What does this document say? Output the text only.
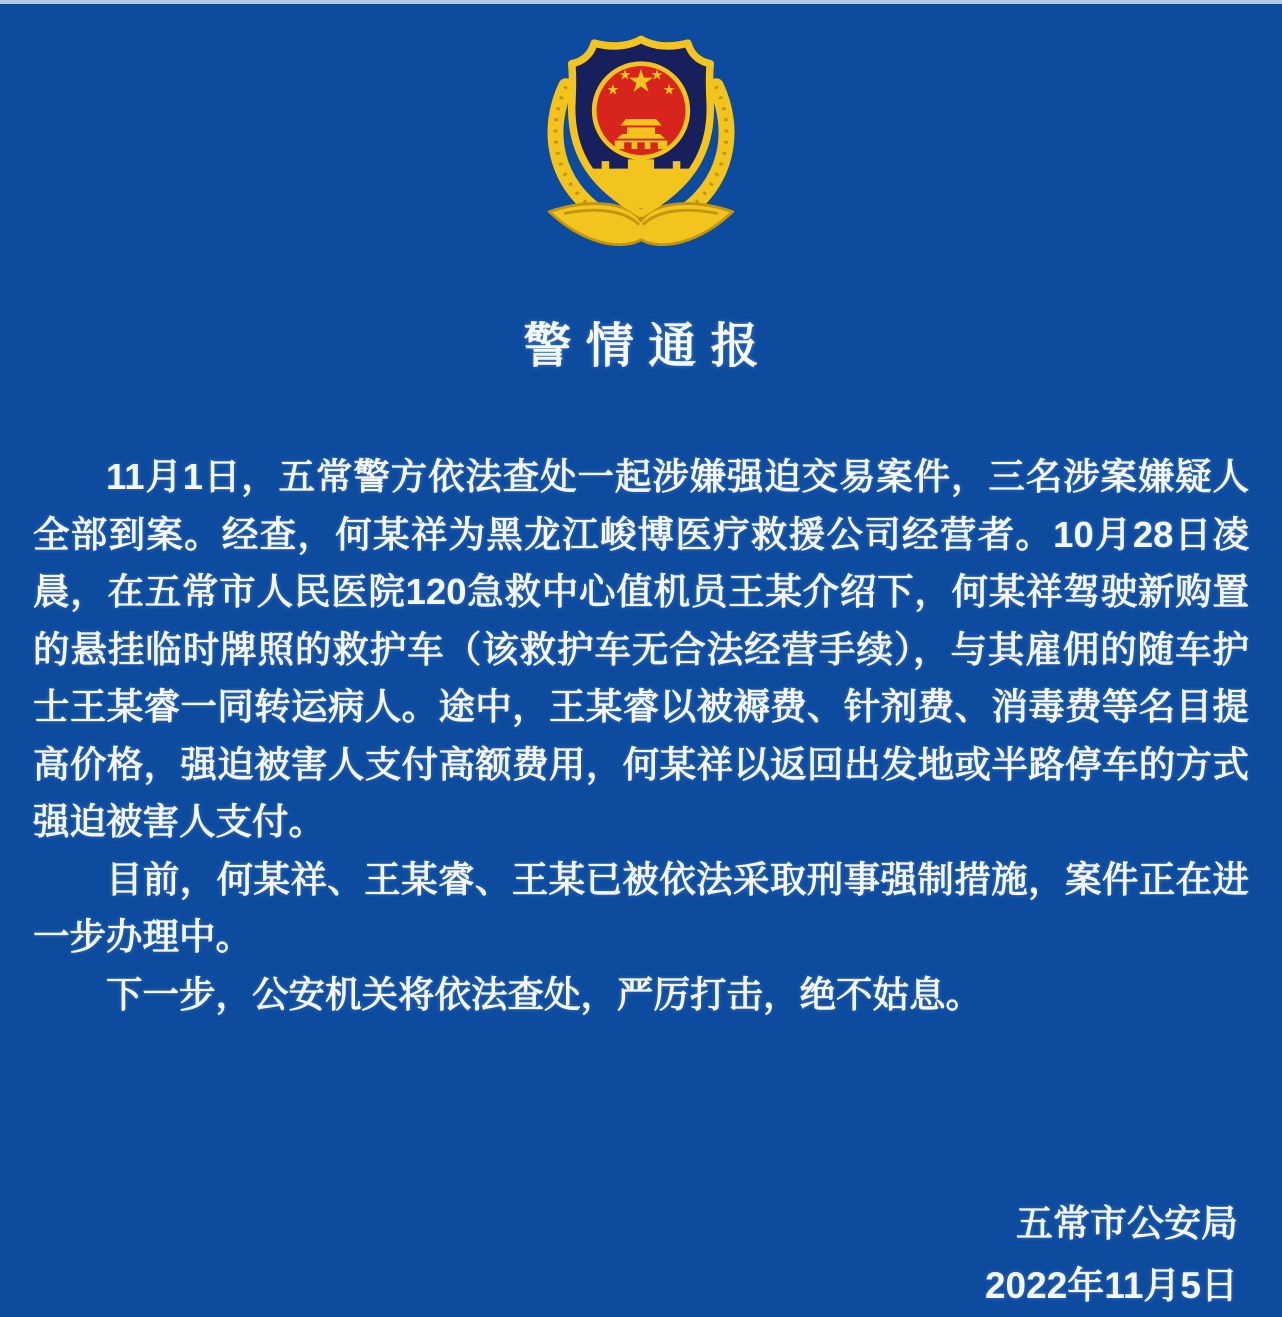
警情通报

11月1日，五常警方依法查处一起涉嫌强迫交易案件，三名涉案嫌疑人全部到案。经查，何某祥为黑龙江峻博医疗救援公司经营者。10月28日凌晨，在五常市人民医院120急救中心值机员王某介绍下，何某祥驾驶新购置的悬挂临时牌照的救护车（该救护车无合法经营手续），与其雇佣的随车护士王某睿一同转运病人。途中，王某睿以被褥费、针剂费、消毒费等名目提高价格，强迫被害人支付高额费用，何某祥以返回出发地或半路停车的方式强迫被害人支付。

目前，何某祥、王某睿、王某已被依法采取刑事强制措施，案件正在进一步办理中。

下一步，公安机关将依法查处，严厉打击，绝不姑息。

五常市公安局
2022年11月5日
